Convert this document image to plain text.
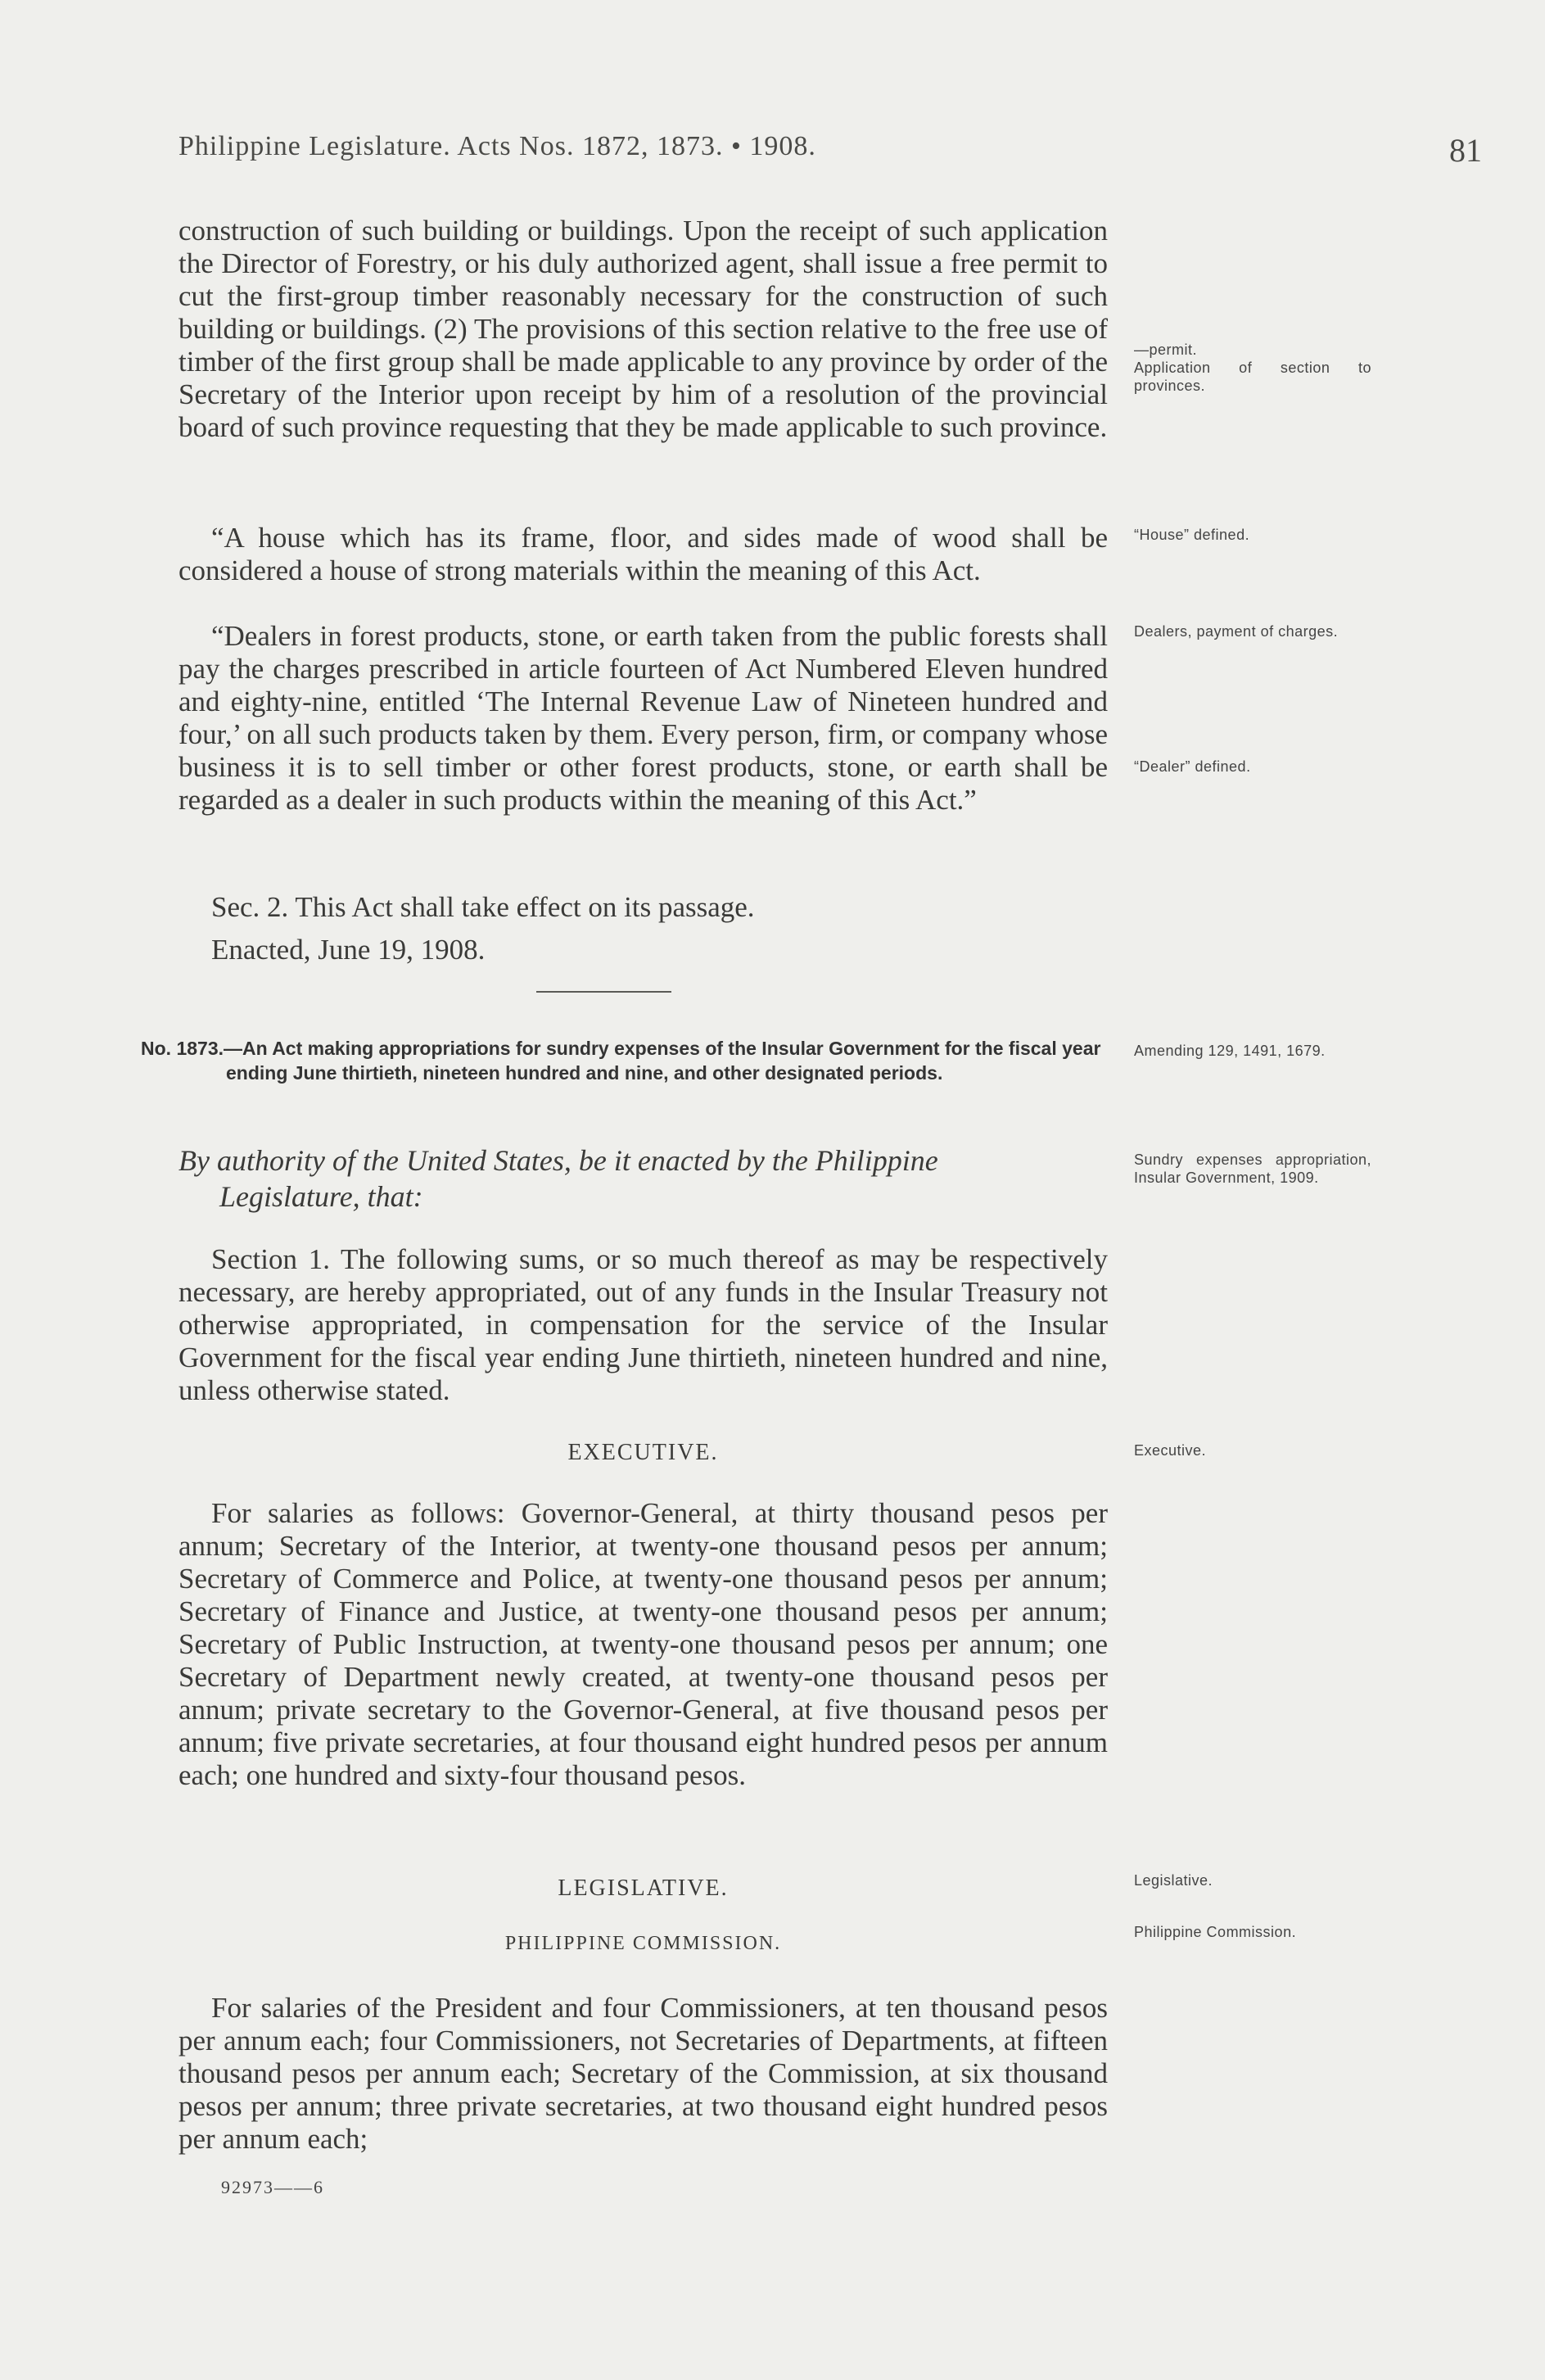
Philippine Legislature. Acts Nos. 1872, 1873. • 1908.	81

construction of such building or buildings. Upon the receipt of such application the Director of Forestry, or his duly authorized agent, shall issue a free permit to cut the first-group timber reasonably necessary for the construction of such building or buildings. (2) The provisions of this section relative to the free use of timber of the first group shall be made applicable to any province by order of the Secretary of the Interior upon receipt by him of a resolution of the provincial board of such province requesting that they be made applicable to such province.

“A house which has its frame, floor, and sides made of wood shall be considered a house of strong materials within the meaning of this Act.

“Dealers in forest products, stone, or earth taken from the public forests shall pay the charges prescribed in article fourteen of Act Numbered Eleven hundred and eighty-nine, entitled ‘The Internal Revenue Law of Nineteen hundred and four,’ on all such products taken by them. Every person, firm, or company whose business it is to sell timber or other forest products, stone, or earth shall be regarded as a dealer in such products within the meaning of this Act.”

Sec. 2. This Act shall take effect on its passage.

Enacted, June 19, 1908.

No. 1873.—An Act making appropriations for sundry expenses of the Insular Government for the fiscal year ending June thirtieth, nineteen hundred and nine, and other designated periods.
By authority of the United States, be it enacted by the Philippine
Legislature, that:

Section 1. The following sums, or so much thereof as may be respectively necessary, are hereby appropriated, out of any funds in the Insular Treasury not otherwise appropriated, in compensation for the service of the Insular Government for the fiscal year ending June thirtieth, nineteen hundred and nine, unless otherwise stated.

EXECUTIVE.

For salaries as follows: Governor-General, at thirty thousand pesos per annum; Secretary of the Interior, at twenty-one thousand pesos per annum; Secretary of Commerce and Police, at twenty-one thousand pesos per annum; Secretary of Finance and Justice, at twenty-one thousand pesos per annum; Secretary of Public Instruction, at twenty-one thousand pesos per annum; one Secretary of Department newly created, at twenty-one thousand pesos per annum; private secretary to the Governor-General, at five thousand pesos per annum; five private secretaries, at four thousand eight hundred pesos per annum each; one hundred and sixty-four thousand pesos.

LEGISLATIVE.
PHILIPPINE COMMISSION.

For salaries of the President and four Commissioners, at ten thousand pesos per annum each; four Commissioners, not Secretaries of Departments, at fifteen thousand pesos per annum each; Secretary of the Commission, at six thousand pesos per annum; three private secretaries, at two thousand eight hundred pesos per annum each;

92973——6
—permit.
Application of section to provinces.
“House” defined.
Dealers, payment of charges.
“Dealer” defined.
Amending 129, 1491, 1679.
Sundry expenses appropriation, Insular Government, 1909.
Executive.
Legislative.
Philippine Commission.
